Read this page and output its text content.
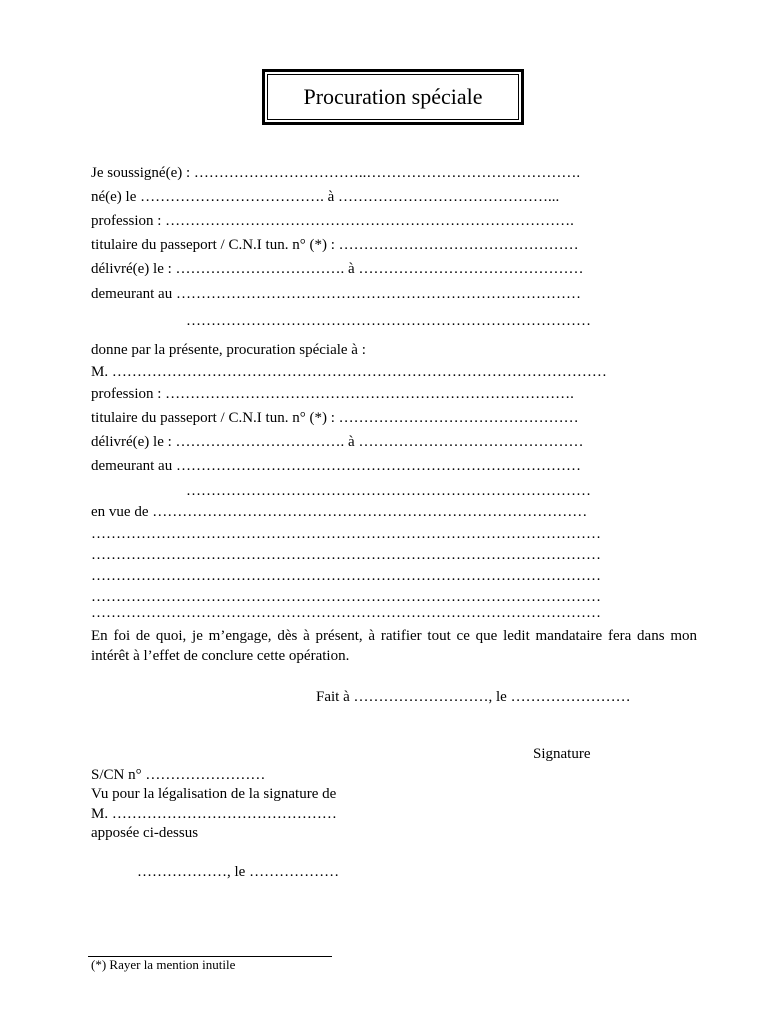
Procuration spéciale
Je soussigné(e) : ……………………………..…………………………………….
né(e) le ………………………………. à ……………………………………...
profession : ……………………………………………………………………….
titulaire du passeport / C.N.I tun. n° (*) : …………………………………………
délivré(e) le : ……………………………. à ………………………………………
demeurant au ………………………………………………………………………
………………………………………………………………………
donne par la présente, procuration spéciale à :
M. ………………………………………………………………………………………
profession : ……………………………………………………………………….
titulaire du passeport / C.N.I tun. n° (*) : …………………………………………
délivré(e) le : ……………………………. à ………………………………………
demeurant au ………………………………………………………………………
………………………………………………………………………
en vue de ……………………………………………………………………………
…………………………………………………………………………………………
…………………………………………………………………………………………
…………………………………………………………………………………………
…………………………………………………………………………………………
…………………………………………………………………………………………
En foi de quoi, je m’engage, dès à présent, à ratifier tout ce que ledit mandataire fera dans mon intérêt à l’effet de conclure cette opération.
Fait à ………………………, le ……………………
Signature
S/CN n° ……………………
Vu pour la légalisation de la signature de
M. ………………………………………
apposée ci-dessus
………………, le ………………
(*) Rayer la mention inutile
